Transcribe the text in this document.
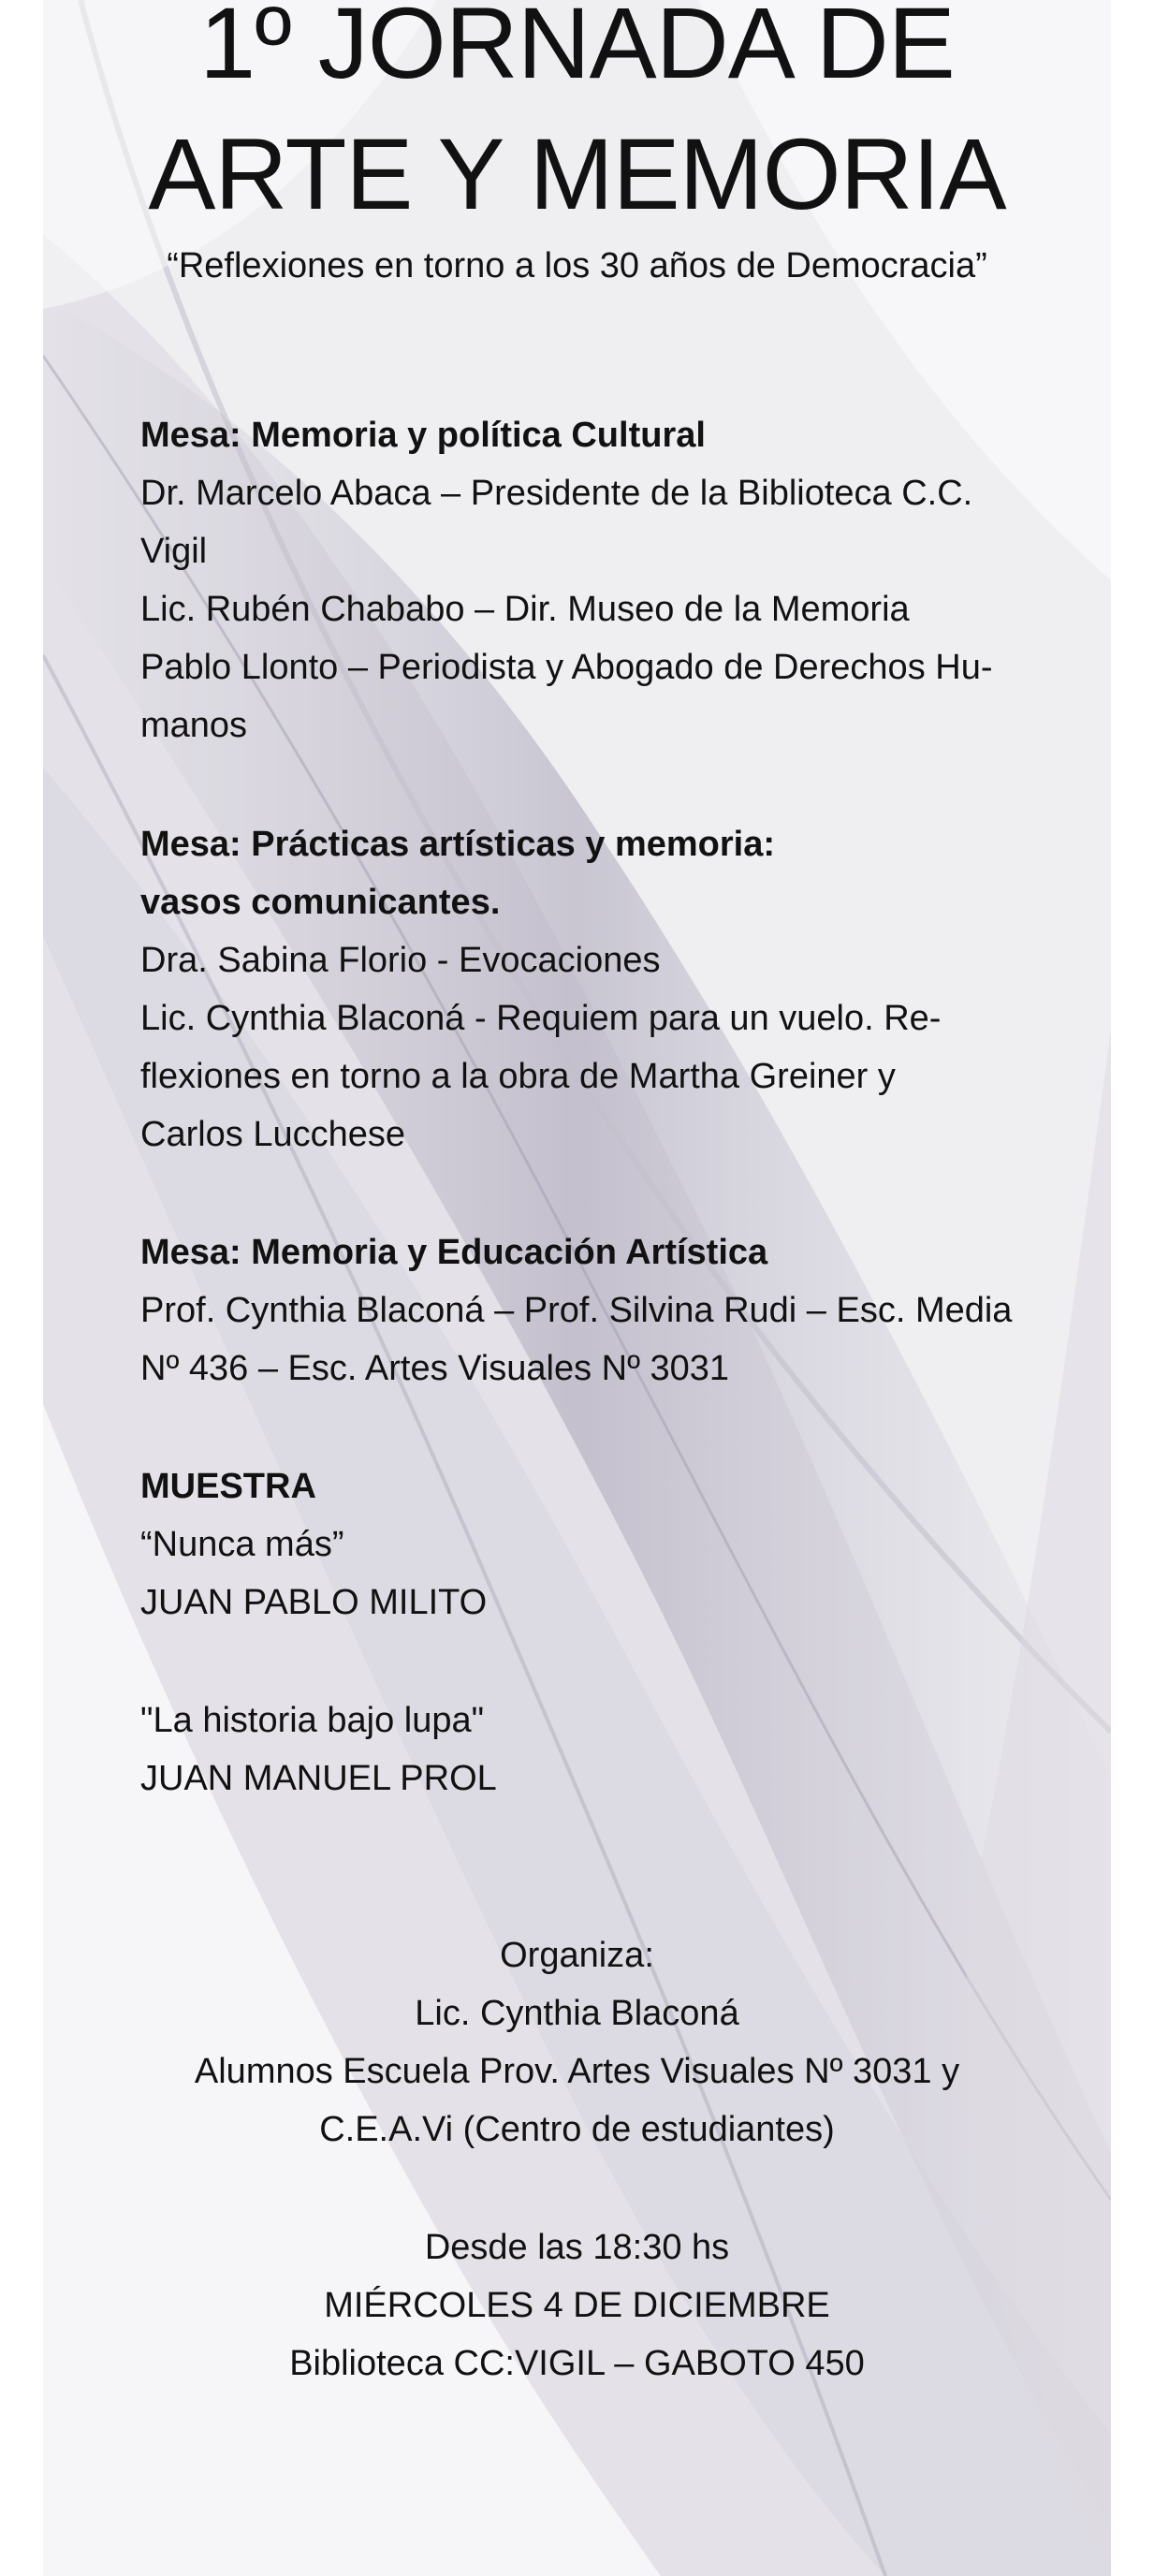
1º JORNADA DE
ARTE Y MEMORIA
“Reflexiones en torno a los 30 años de Democracia”
Mesa: Memoria y política Cultural
Dr. Marcelo Abaca – Presidente de la Biblioteca C.C.
Vigil
Lic. Rubén Chababo – Dir. Museo de la Memoria
Pablo Llonto – Periodista y Abogado de Derechos Hu-
manos
Mesa: Prácticas artísticas y memoria:
vasos comunicantes.
Dra. Sabina Florio - Evocaciones
Lic. Cynthia Blaconá - Requiem para un vuelo. Re-
flexiones en torno a la obra de Martha Greiner y
Carlos Lucchese
Mesa: Memoria y Educación Artística
Prof. Cynthia Blaconá – Prof. Silvina Rudi – Esc. Media
Nº 436 – Esc. Artes Visuales Nº 3031
MUESTRA
“Nunca más”
JUAN PABLO MILITO
"La historia bajo lupa"
JUAN MANUEL PROL
Organiza:
Lic. Cynthia Blaconá
Alumnos Escuela Prov. Artes Visuales Nº 3031 y
C.E.A.Vi (Centro de estudiantes)
Desde las 18:30 hs
MIÉRCOLES 4 DE DICIEMBRE
Biblioteca CC:VIGIL – GABOTO 450
